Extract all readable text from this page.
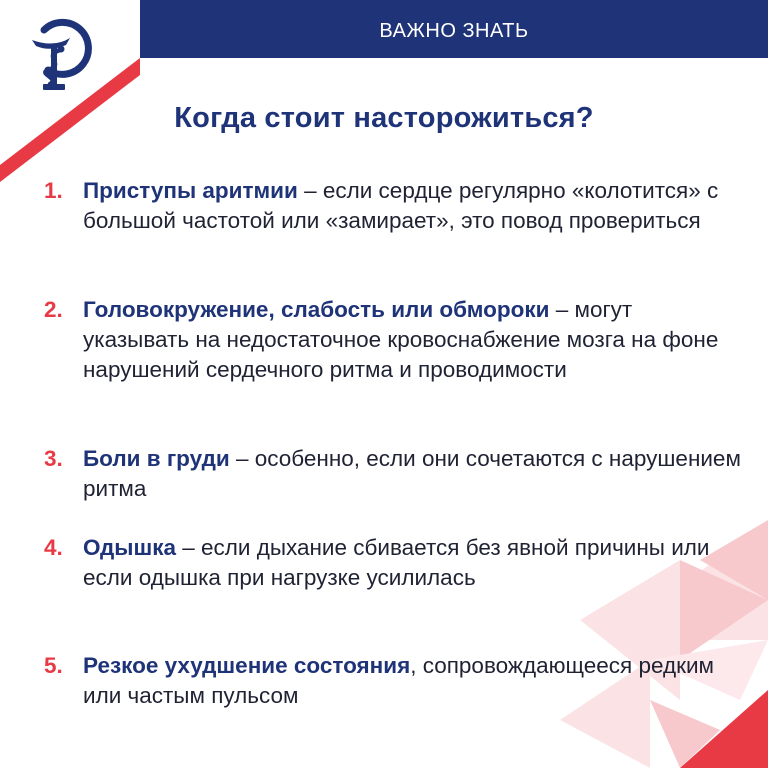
ВАЖНО ЗНАТЬ
Когда стоит насторожиться?
1. Приступы аритмии – если сердце регулярно «колотится» с большой частотой или «замирает», это повод провериться
2. Головокружение, слабость или обмороки – могут указывать на недостаточное кровоснабжение мозга на фоне нарушений сердечного ритма и проводимости
3. Боли в груди – особенно, если они сочетаются с нарушением ритма
4. Одышка – если дыхание сбивается без явной причины или если одышка при нагрузке усилилась
5. Резкое ухудшение состояния, сопровождающееся редким или частым пульсом
